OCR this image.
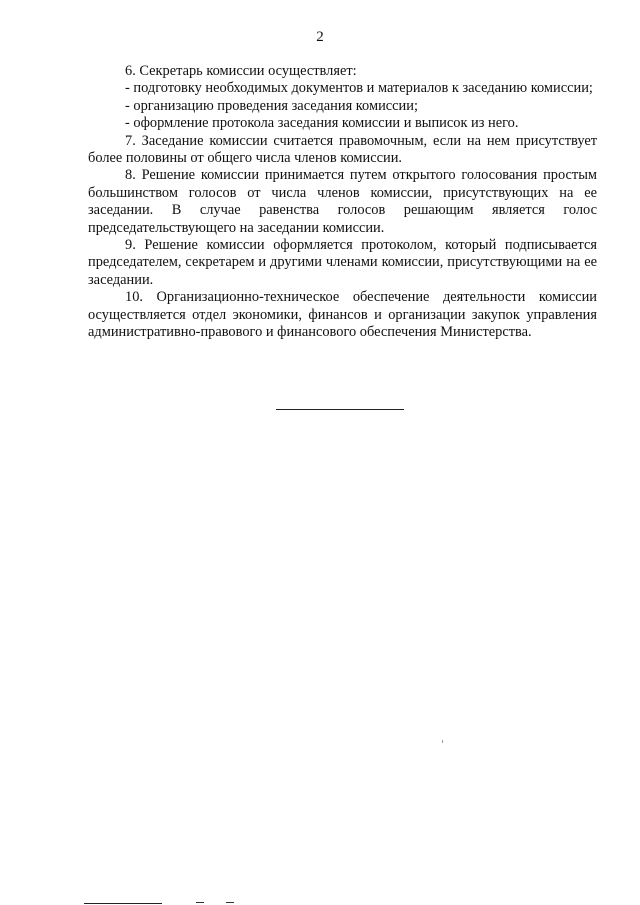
2

6. Секретарь комиссии осуществляет:

- подготовку необходимых документов и материалов к заседанию комиссии;

- организацию проведения заседания комиссии;

- оформление протокола заседания комиссии и выписок из него.

7. Заседание комиссии считается правомочным, если на нем присутствует более половины от общего числа членов комиссии.

8. Решение комиссии принимается путем открытого голосования простым большинством голосов от числа членов комиссии, присутствующих на ее заседании. В случае равенства голосов решающим является голос председательствующего на заседании комиссии.

9. Решение комиссии оформляется протоколом, который подписывается председателем, секретарем и другими членами комиссии, присутствующими на ее заседании.

10. Организационно-техническое обеспечение деятельности комиссии осуществляется отдел экономики, финансов и организации закупок управления административно-правового и финансового обеспечения Министерства.
